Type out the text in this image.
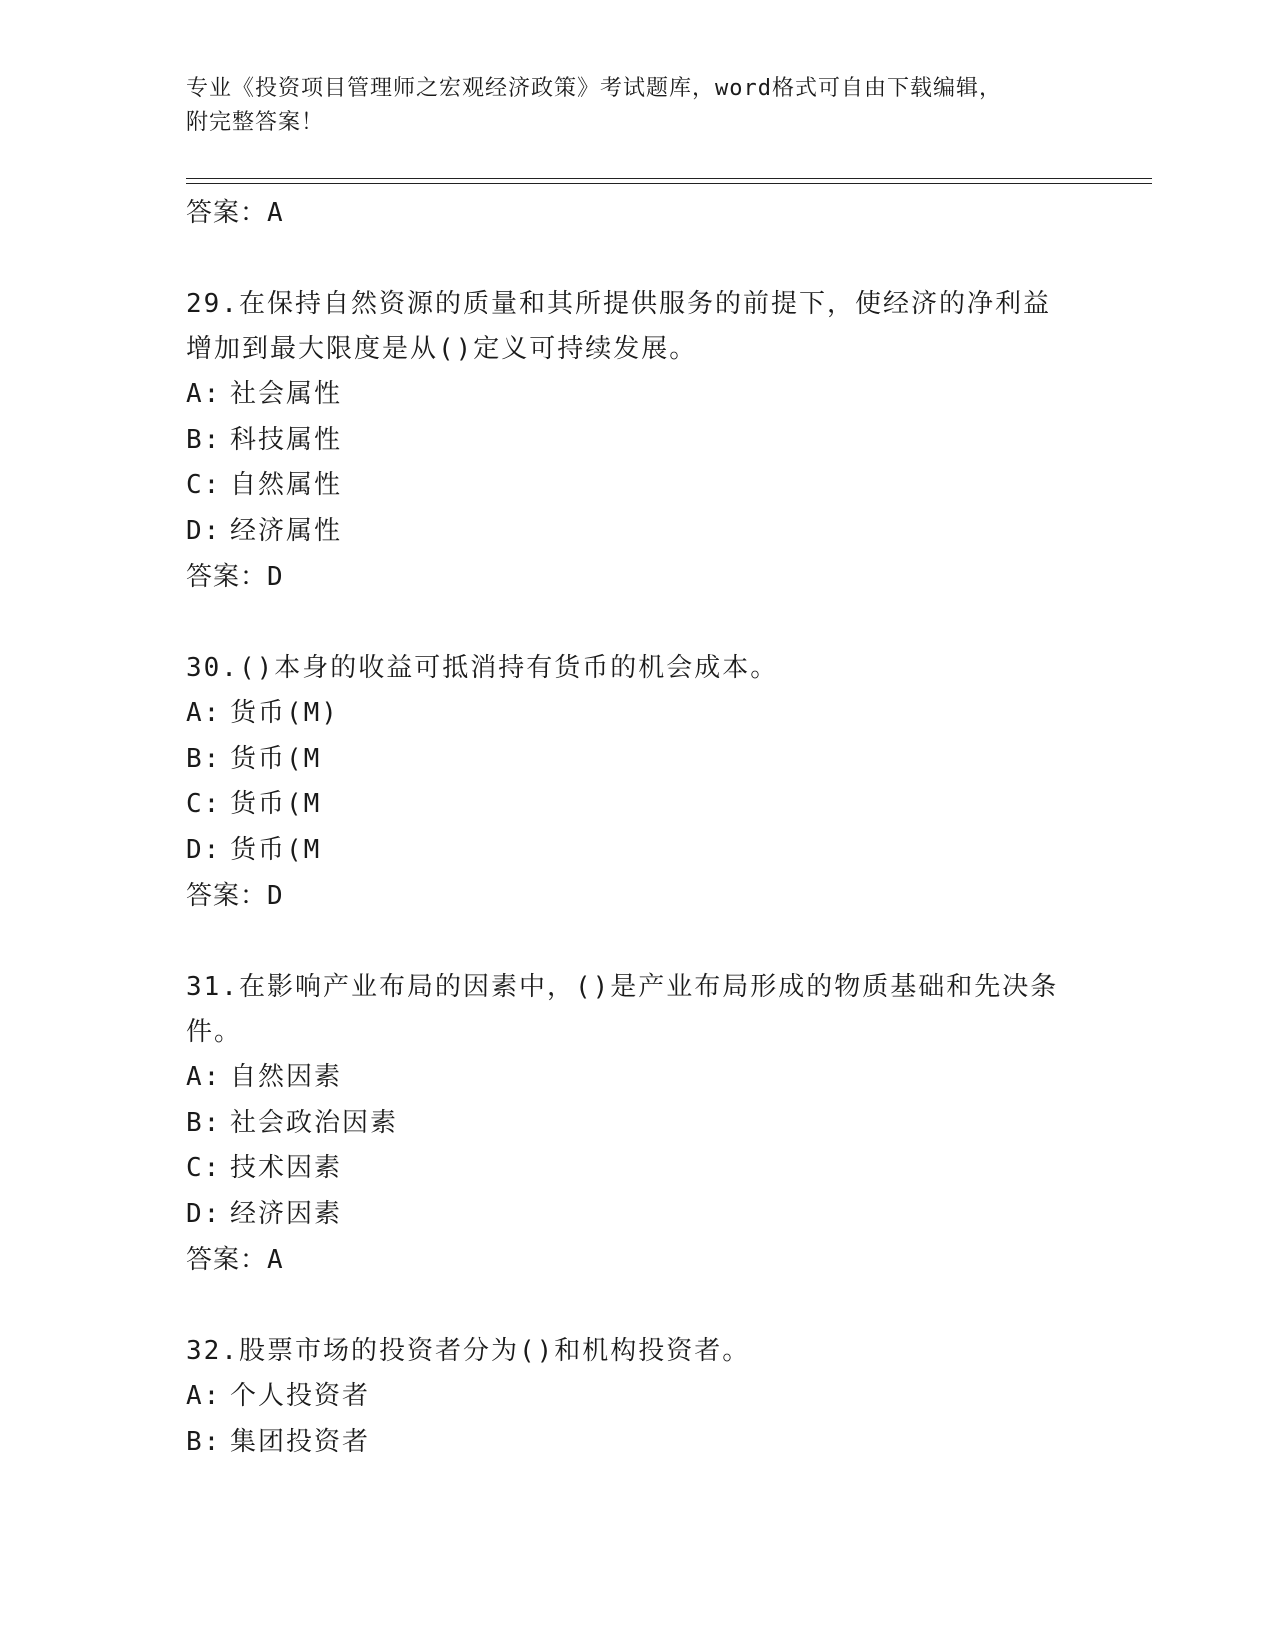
专业《投资项目管理师之宏观经济政策》考试题库，word格式可自由下载编辑，
附完整答案！
答案：A
29.在保持自然资源的质量和其所提供服务的前提下，使经济的净利益
增加到最大限度是从()定义可持续发展。
A: 社会属性
B: 科技属性
C: 自然属性
D: 经济属性
答案：D
30.()本身的收益可抵消持有货币的机会成本。
A: 货币(M)
B: 货币(M
C: 货币(M
D: 货币(M
答案：D
31.在影响产业布局的因素中，()是产业布局形成的物质基础和先决条
件。
A: 自然因素
B: 社会政治因素
C: 技术因素
D: 经济因素
答案：A
32.股票市场的投资者分为()和机构投资者。
A: 个人投资者
B: 集团投资者
